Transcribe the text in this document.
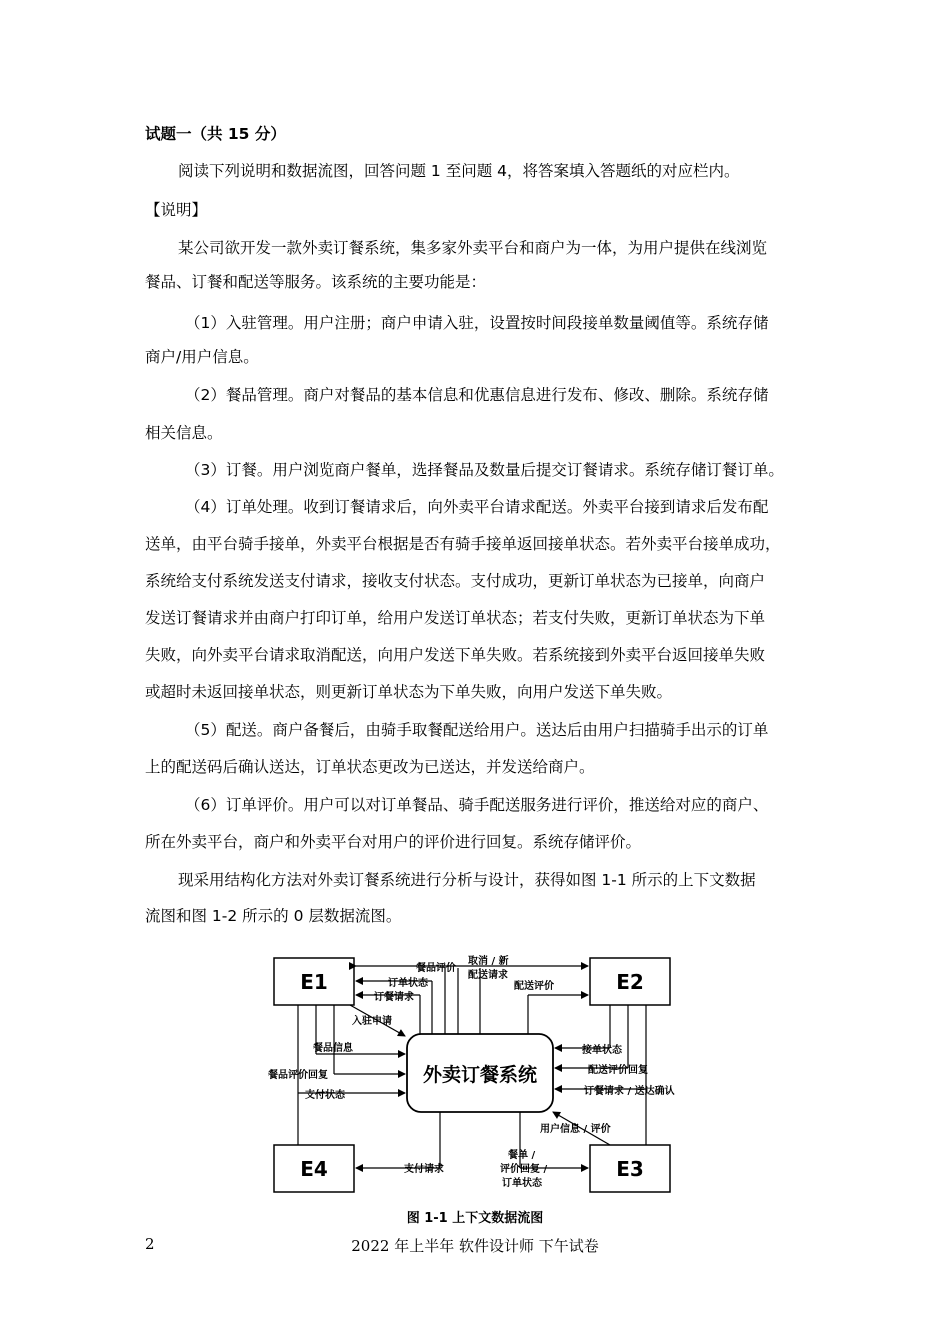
试题一（共 15 分）
阅读下列说明和数据流图，回答问题 1 至问题 4，将答案填入答题纸的对应栏内。
【说明】
某公司欲开发一款外卖订餐系统，集多家外卖平台和商户为一体，为用户提供在线浏览
餐品、订餐和配送等服务。该系统的主要功能是：
（1）入驻管理。用户注册；商户申请入驻，设置按时间段接单数量阈值等。系统存储
商户/用户信息。
（2）餐品管理。商户对餐品的基本信息和优惠信息进行发布、修改、删除。系统存储
相关信息。
（3）订餐。用户浏览商户餐单，选择餐品及数量后提交订餐请求。系统存储订餐订单。
（4）订单处理。收到订餐请求后，向外卖平台请求配送。外卖平台接到请求后发布配
送单，由平台骑手接单，外卖平台根据是否有骑手接单返回接单状态。若外卖平台接单成功，
系统给支付系统发送支付请求，接收支付状态。支付成功，更新订单状态为已接单，向商户
发送订餐请求并由商户打印订单，给用户发送订单状态；若支付失败，更新订单状态为下单
失败，向外卖平台请求取消配送，向用户发送下单失败。若系统接到外卖平台返回接单失败
或超时未返回接单状态，则更新订单状态为下单失败，向用户发送下单失败。
（5）配送。商户备餐后，由骑手取餐配送给用户。送达后由用户扫描骑手出示的订单
上的配送码后确认送达，订单状态更改为已送达，并发送给商户。
（6）订单评价。用户可以对订单餐品、骑手配送服务进行评价，推送给对应的商户、
所在外卖平台，商户和外卖平台对用户的评价进行回复。系统存储评价。
现采用结构化方法对外卖订餐系统进行分析与设计，获得如图 1-1 所示的上下文数据
流图和图 1-2 所示的 0 层数据流图。
E1	E2
E3
E4
外卖订餐系统
餐品评价
订单状态
订餐请求
取消 / 新
配送请求
配送评价
入驻申请
餐品信息
餐品评价回复
支付状态
接单状态
配送评价回复
订餐请求 / 送达确认
用户信息 / 评价
支付请求
餐单 /
评价回复 /
订单状态
图 1-1 上下文数据流图
2	2022 年上半年 软件设计师 下午试卷
